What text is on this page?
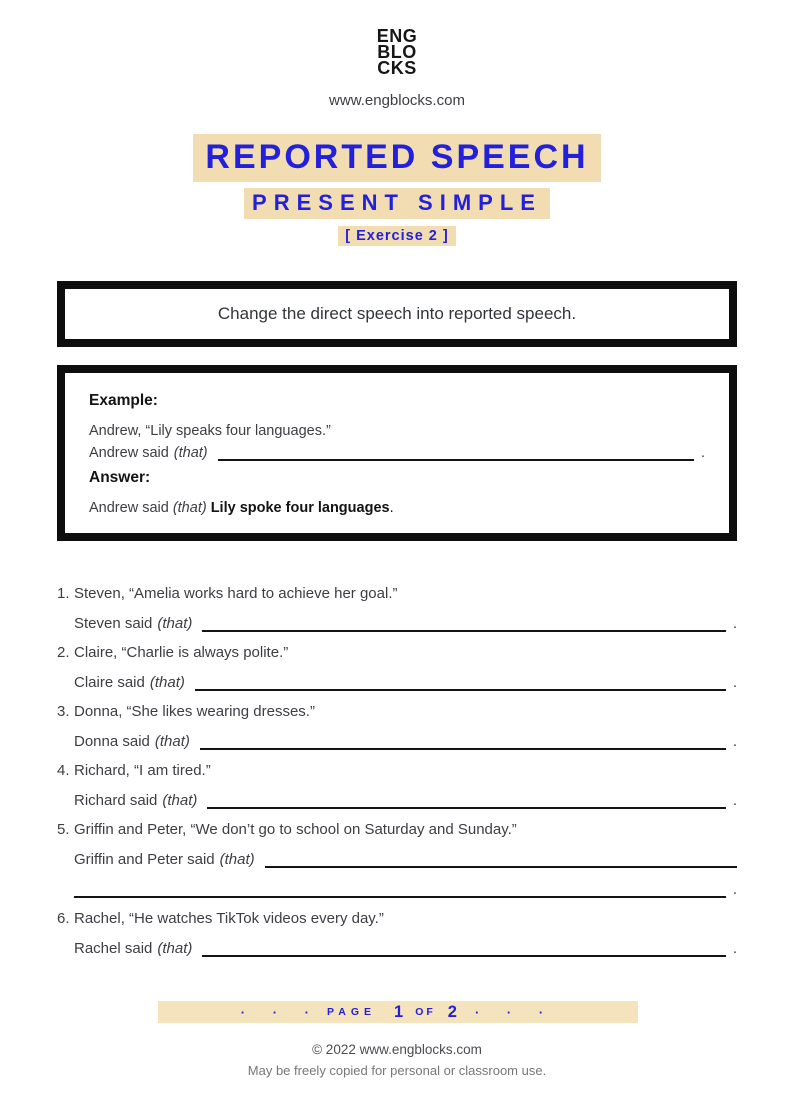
ENG
BLO
CKS
www.engblocks.com
REPORTED SPEECH
PRESENT SIMPLE
[ Exercise 2 ]
Change the direct speech into reported speech.
Example:
Andrew, “Lily speaks four languages.”
Andrew said (that)	.
Answer:
Andrew said (that) Lily spoke four languages.
1. Steven, “Amelia works hard to achieve her goal.”
Steven said (that)	.
2. Claire, “Charlie is always polite.”
Claire said (that)	.
3. Donna, “She likes wearing dresses.”
Donna said (that)	.
4. Richard, “I am tired.”
Richard said (that)	.
5. Griffin and Peter, “We don’t go to school on Saturday and Sunday.”
Griffin and Peter said (that)
.
6. Rachel, “He watches TikTok videos every day.”
Rachel said (that)	.
· · · PAGE 1 OF 2 · · ·
© 2022 www.engblocks.com
May be freely copied for personal or classroom use.
